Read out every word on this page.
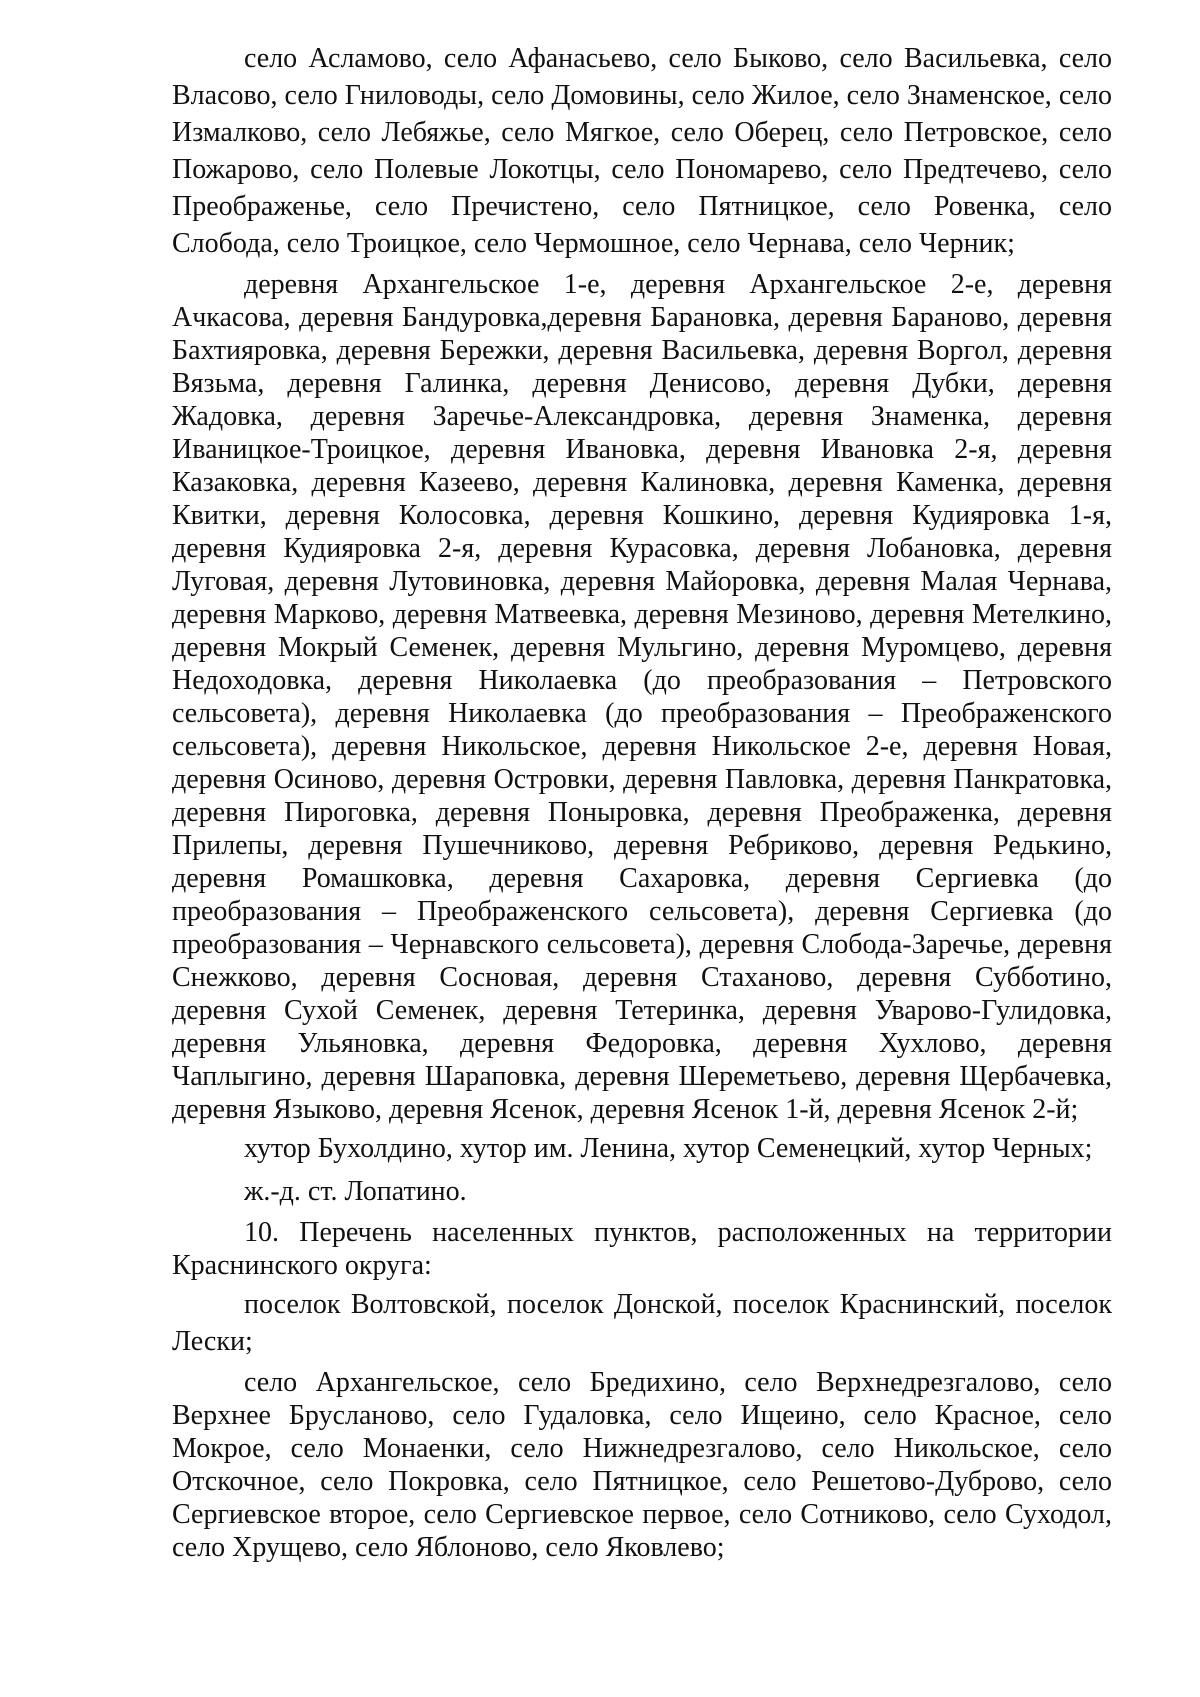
село Асламово, село Афанасьево, село Быково, село Васильевка, село Власово, село Гниловоды, село Домовины, село Жилое, село Знаменское, село Измалково, село Лебяжье, село Мягкое, село Оберец, село Петровское, село Пожарово, село Полевые Локотцы, село Пономарево, село Предтечево, село Преображенье, село Пречистено, село Пятницкое, село Ровенка, село Слобода, село Троицкое, село Чермошное, село Чернава, село Черник;

деревня Архангельское 1-е, деревня Архангельское 2-е, деревня Ачкасова, деревня Бандуровка,деревня Барановка, деревня Бараново, деревня Бахтияровка, деревня Бережки, деревня Васильевка, деревня Воргол, деревня Вязьма, деревня Галинка, деревня Денисово, деревня Дубки, деревня Жадовка, деревня Заречье-Александровка, деревня Знаменка, деревня Иваницкое-Троицкое, деревня Ивановка, деревня Ивановка 2-я, деревня Казаковка, деревня Казеево, деревня Калиновка, деревня Каменка, деревня Квитки, деревня Колосовка, деревня Кошкино, деревня Кудияровка 1-я, деревня Кудияровка 2-я, деревня Курасовка, деревня Лобановка, деревня Луговая, деревня Лутовиновка, деревня Майоровка, деревня Малая Чернава, деревня Марково, деревня Матвеевка, деревня Мезиново, деревня Метелкино, деревня Мокрый Семенек, деревня Мульгино, деревня Муромцево, деревня Недоходовка, деревня Николаевка (до преобразования – Петровского сельсовета), деревня Николаевка (до преобразования – Преображенского сельсовета), деревня Никольское, деревня Никольское 2-е, деревня Новая, деревня Осиново, деревня Островки, деревня Павловка, деревня Панкратовка, деревня Пироговка, деревня Поныровка, деревня Преображенка, деревня Прилепы, деревня Пушечниково, деревня Ребриково, деревня Редькино, деревня Ромашковка, деревня Сахаровка, деревня Сергиевка (до преобразования – Преображенского сельсовета), деревня Сергиевка (до преобразования – Чернавского сельсовета), деревня Слобода-Заречье, деревня Снежково, деревня Сосновая, деревня Стаханово, деревня Субботино, деревня Сухой Семенек, деревня Тетеринка, деревня Уварово-Гулидовка, деревня Ульяновка, деревня Федоровка, деревня Хухлово, деревня Чаплыгино, деревня Шараповка, деревня Шереметьево, деревня Щербачевка, деревня Языково, деревня Ясенок, деревня Ясенок 1-й, деревня Ясенок 2-й;

хутор Бухолдино, хутор им. Ленина, хутор Семенецкий, хутор Черных;

ж.-д. ст. Лопатино.

10. Перечень населенных пунктов, расположенных на территории Краснинского округа:

поселок Волтовской, поселок Донской, поселок Краснинский, поселок Лески;

село Архангельское, село Бредихино, село Верхнедрезгалово, село Верхнее Брусланово, село Гудаловка, село Ищеино, село Красное, село Мокрое, село Монаенки, село Нижнедрезгалово, село Никольское, село Отскочное, село Покровка, село Пятницкое, село Решетово-Дуброво, село Сергиевское второе, село Сергиевское первое, село Сотниково, село Суходол, село Хрущево, село Яблоново, село Яковлево;
